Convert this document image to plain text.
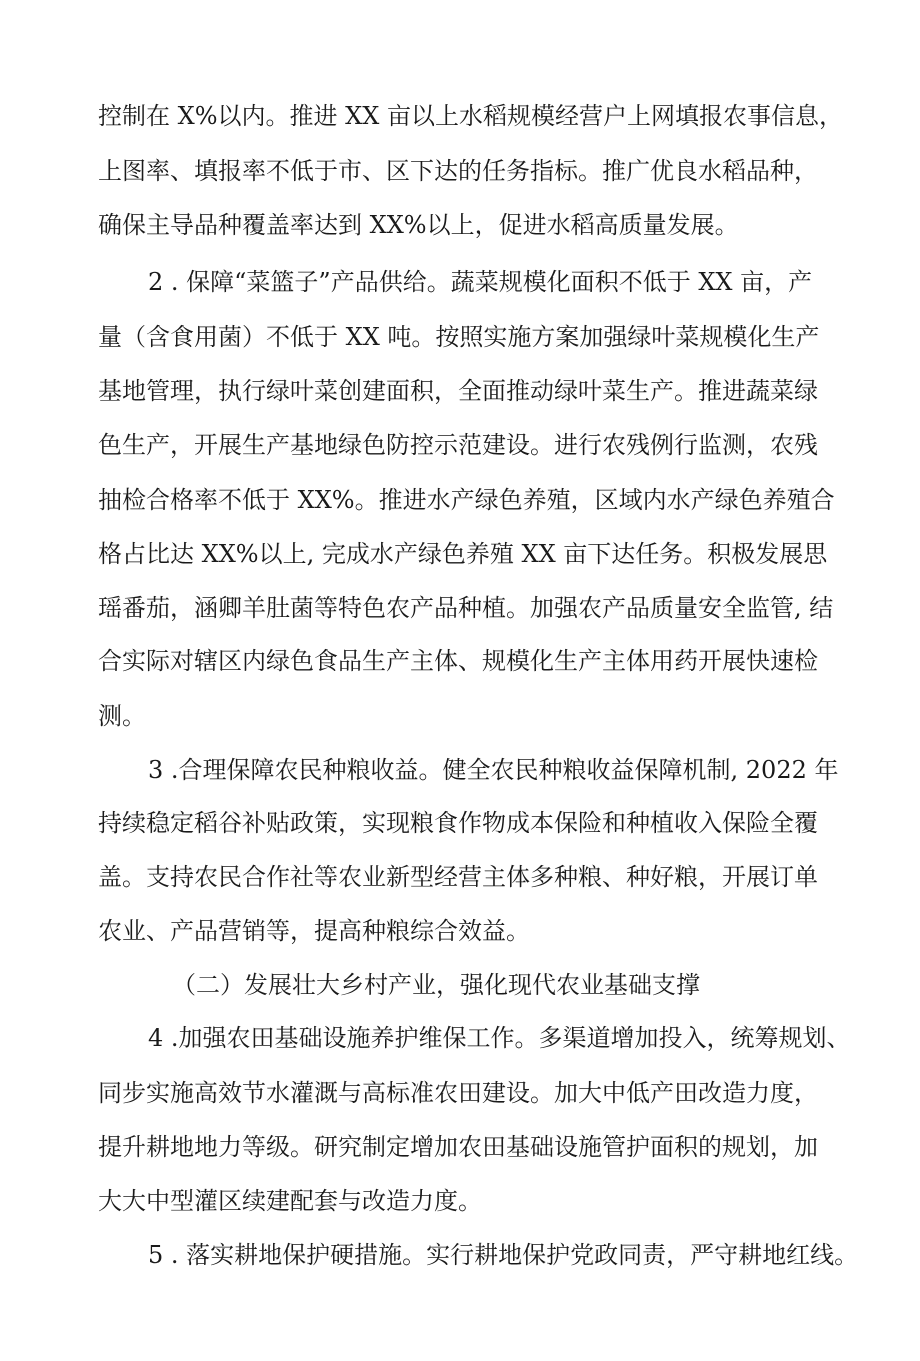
控制在 X%以内。推进 XX 亩以上水稻规模经营户上网填报农事信息，
上图率、填报率不低于市、区下达的任务指标。推广优良水稻品种，
确保主导品种覆盖率达到 XX%以上，促进水稻高质量发展。
2 . 保障“菜篮子”产品供给。蔬菜规模化面积不低于 XX 亩，产
量（含食用菌）不低于 XX 吨。按照实施方案加强绿叶菜规模化生产
基地管理，执行绿叶菜创建面积，全面推动绿叶菜生产。推进蔬菜绿
色生产，开展生产基地绿色防控示范建设。进行农残例行监测，农残
抽检合格率不低于 XX%。推进水产绿色养殖，区域内水产绿色养殖合
格占比达 XX%以上, 完成水产绿色养殖 XX 亩下达任务。积极发展思
瑶番茄，涵卿羊肚菌等特色农产品种植。加强农产品质量安全监管, 结
合实际对辖区内绿色食品生产主体、规模化生产主体用药开展快速检
测。
3 .合理保障农民种粮收益。健全农民种粮收益保障机制, 2022 年
持续稳定稻谷补贴政策，实现粮食作物成本保险和种植收入保险全覆
盖。支持农民合作社等农业新型经营主体多种粮、种好粮，开展订单
农业、产品营销等，提高种粮综合效益。
（二）发展壮大乡村产业，强化现代农业基础支撑
4 .加强农田基础设施养护维保工作。多渠道增加投入，统筹规划、
同步实施高效节水灌溉与高标准农田建设。加大中低产田改造力度，
提升耕地地力等级。研究制定增加农田基础设施管护面积的规划，加
大大中型灌区续建配套与改造力度。
5 . 落实耕地保护硬措施。实行耕地保护党政同责，严守耕地红线。
